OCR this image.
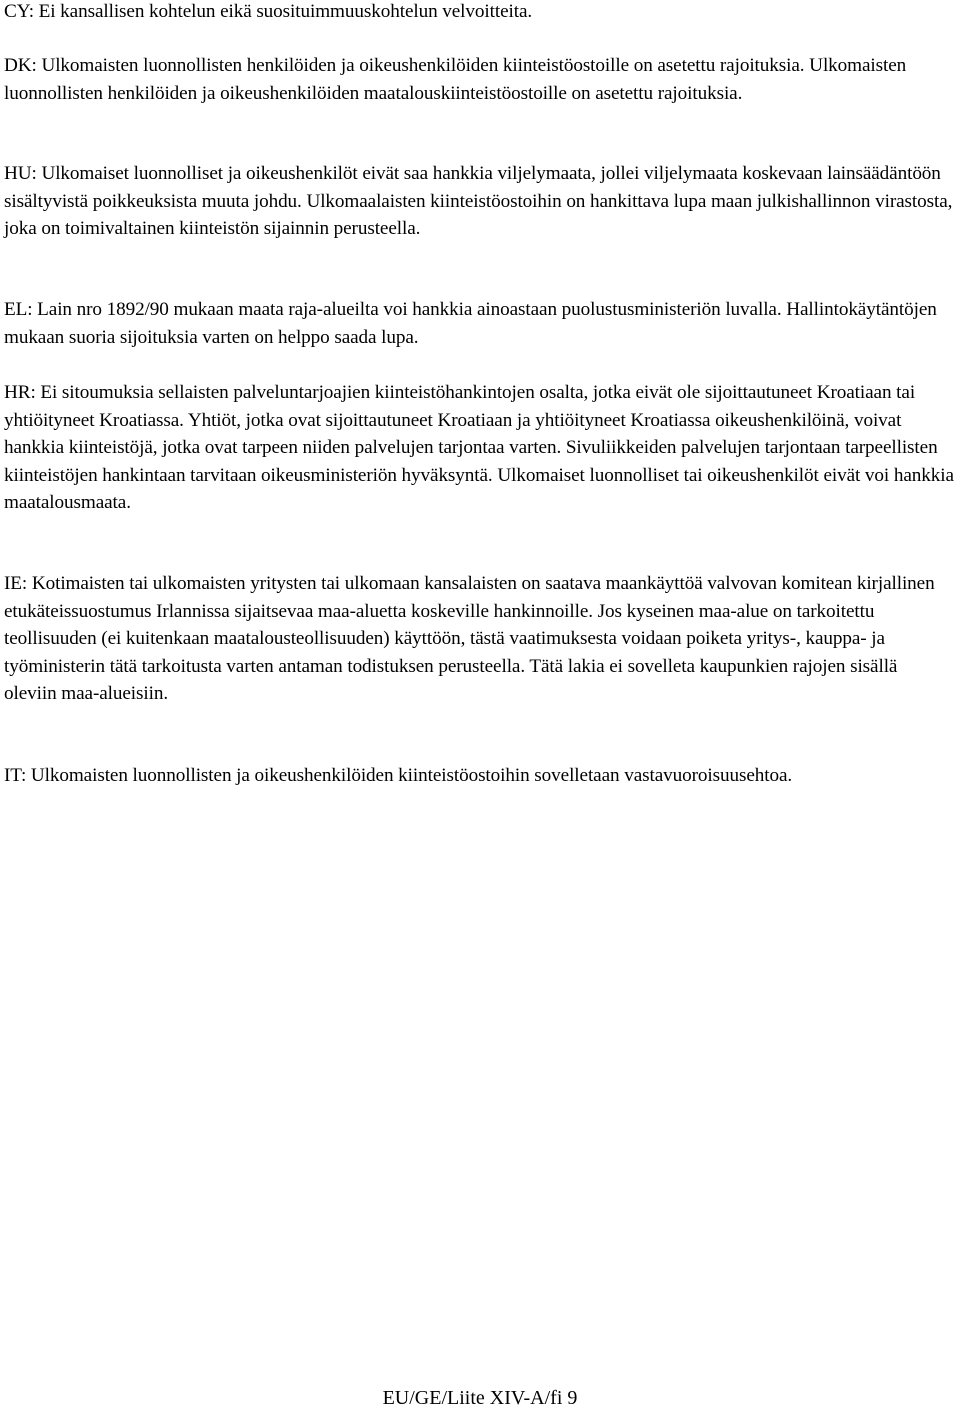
CY: Ei kansallisen kohtelun eikä suosituimmuuskohtelun velvoitteita.

DK: Ulkomaisten luonnollisten henkilöiden ja oikeushenkilöiden kiinteistöostoille on asetettu rajoituksia. Ulkomaisten luonnollisten henkilöiden ja oikeushenkilöiden maatalouskiinteistöostoille on asetettu rajoituksia.

HU: Ulkomaiset luonnolliset ja oikeushenkilöt eivät saa hankkia viljelymaata, jollei viljelymaata koskevaan lainsäädäntöön sisältyvistä poikkeuksista muuta johdu. Ulkomaalaisten kiinteistöostoihin on hankittava lupa maan julkishallinnon virastosta, joka on toimivaltainen kiinteistön sijainnin perusteella.

EL: Lain nro 1892/90 mukaan maata raja-alueilta voi hankkia ainoastaan puolustusministeriön luvalla. Hallintokäytäntöjen mukaan suoria sijoituksia varten on helppo saada lupa.

HR: Ei sitoumuksia sellaisten palveluntarjoajien kiinteistöhankintojen osalta, jotka eivät ole sijoittautuneet Kroatiaan tai yhtiöityneet Kroatiassa. Yhtiöt, jotka ovat sijoittautuneet Kroatiaan ja yhtiöityneet Kroatiassa oikeushenkilöinä, voivat hankkia kiinteistöjä, jotka ovat tarpeen niiden palvelujen tarjontaa varten. Sivuliikkeiden palvelujen tarjontaan tarpeellisten kiinteistöjen hankintaan tarvitaan oikeusministeriön hyväksyntä. Ulkomaiset luonnolliset tai oikeushenkilöt eivät voi hankkia maatalousmaata.

IE: Kotimaisten tai ulkomaisten yritysten tai ulkomaan kansalaisten on saatava maankäyttöä valvovan komitean kirjallinen etukäteissuostumus Irlannissa sijaitsevaa maa-aluetta koskeville hankinnoille. Jos kyseinen maa-alue on tarkoitettu teollisuuden (ei kuitenkaan maatalousteollisuuden) käyttöön, tästä vaatimuksesta voidaan poiketa yritys-, kauppa- ja työministerin tätä tarkoitusta varten antaman todistuksen perusteella. Tätä lakia ei sovelleta kaupunkien rajojen sisällä oleviin maa-alueisiin.

IT: Ulkomaisten luonnollisten ja oikeushenkilöiden kiinteistöostoihin sovelletaan vastavuoroisuusehtoa.

EU/GE/Liite XIV-A/fi 9
